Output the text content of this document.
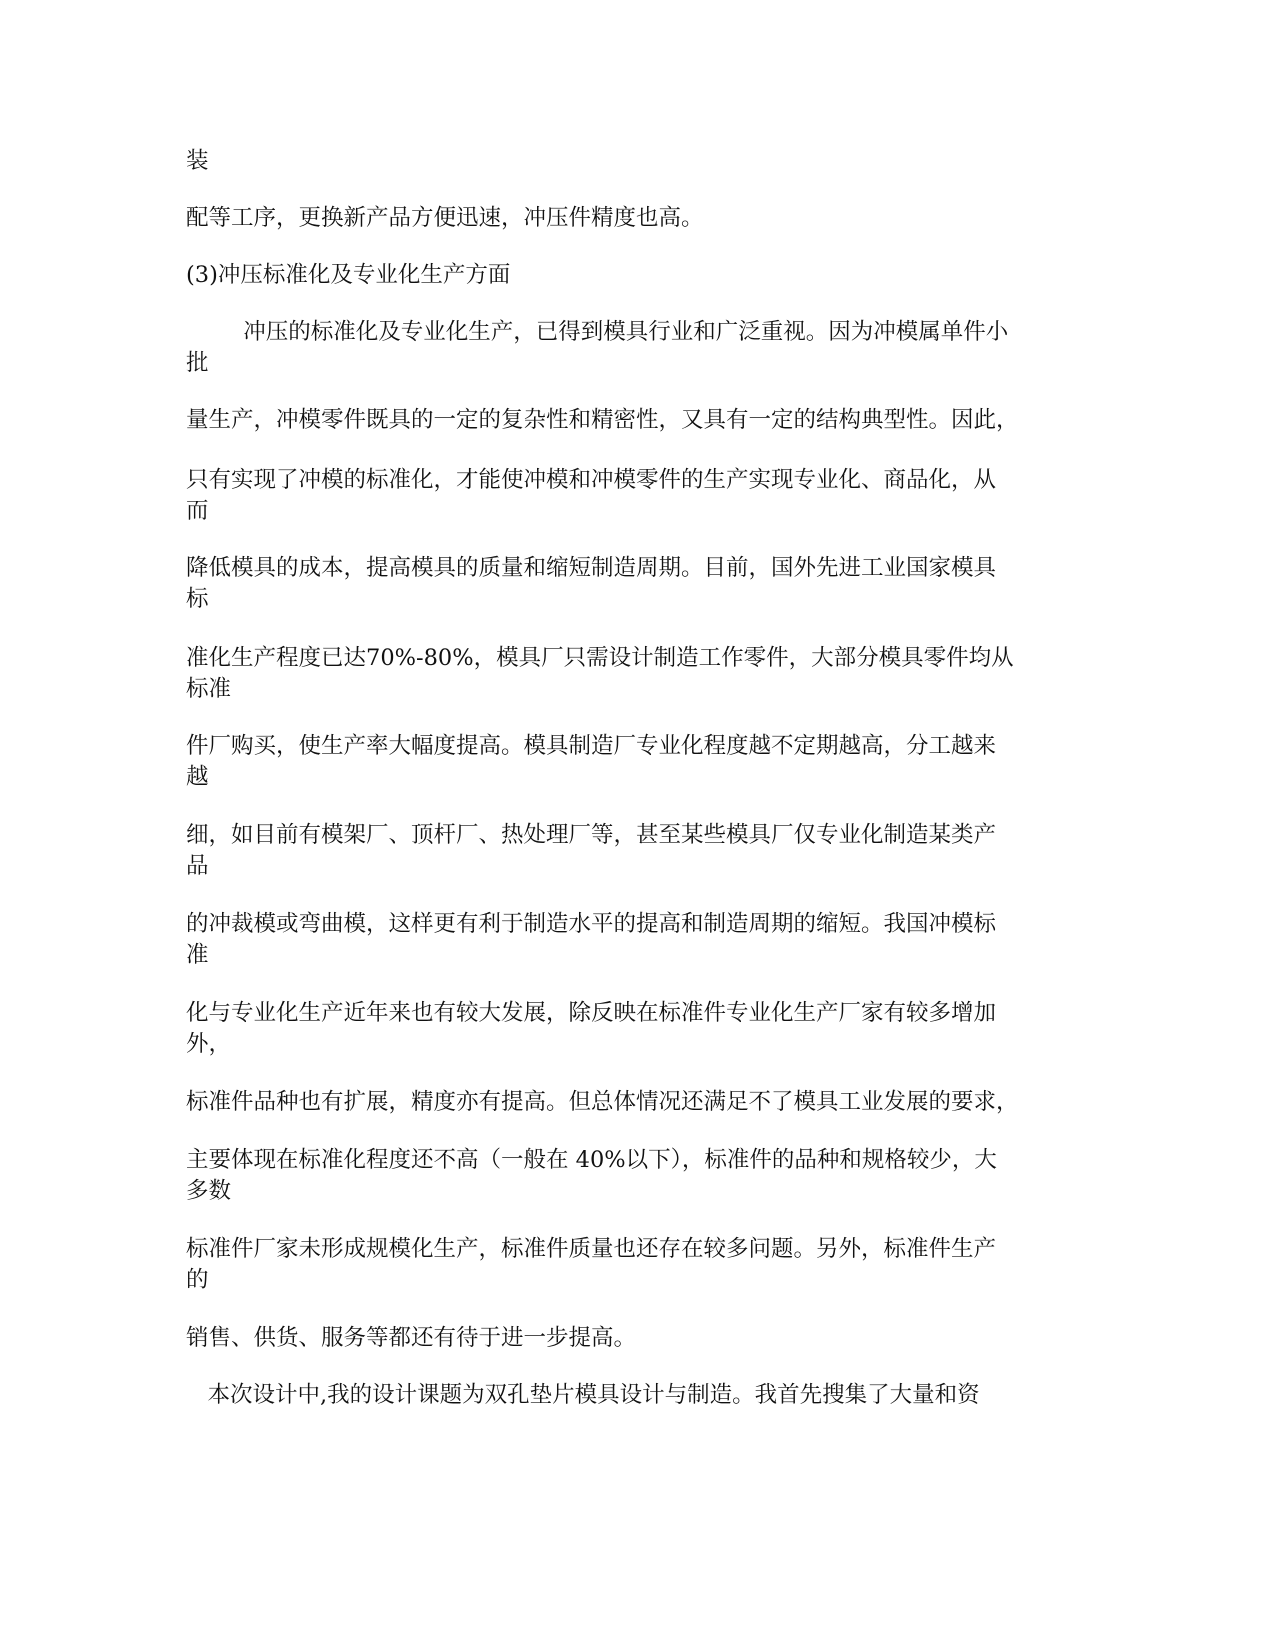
装

配等工序，更换新产品方便迅速，冲压件精度也高。

(3)冲压标准化及专业化生产方面

冲压的标准化及专业化生产，已得到模具行业和广泛重视。因为冲模属单件小
批

量生产，冲模零件既具的一定的复杂性和精密性，又具有一定的结构典型性。因此，

只有实现了冲模的标准化，才能使冲模和冲模零件的生产实现专业化、商品化，从
而

降低模具的成本，提高模具的质量和缩短制造周期。目前，国外先进工业国家模具
标

准化生产程度已达70%-80%，模具厂只需设计制造工作零件，大部分模具零件均从
标准

件厂购买，使生产率大幅度提高。模具制造厂专业化程度越不定期越高，分工越来
越

细，如目前有模架厂、顶杆厂、热处理厂等，甚至某些模具厂仅专业化制造某类产
品

的冲裁模或弯曲模，这样更有利于制造水平的提高和制造周期的缩短。我国冲模标
准

化与专业化生产近年来也有较大发展，除反映在标准件专业化生产厂家有较多增加
外，

标准件品种也有扩展，精度亦有提高。但总体情况还满足不了模具工业发展的要求，

主要体现在标准化程度还不高（一般在 40%以下），标准件的品种和规格较少，大
多数

标准件厂家未形成规模化生产，标准件质量也还存在较多问题。另外，标准件生产
的

销售、供货、服务等都还有待于进一步提高。

本次设计中,我的设计课题为双孔垫片模具设计与制造。我首先搜集了大量和资
